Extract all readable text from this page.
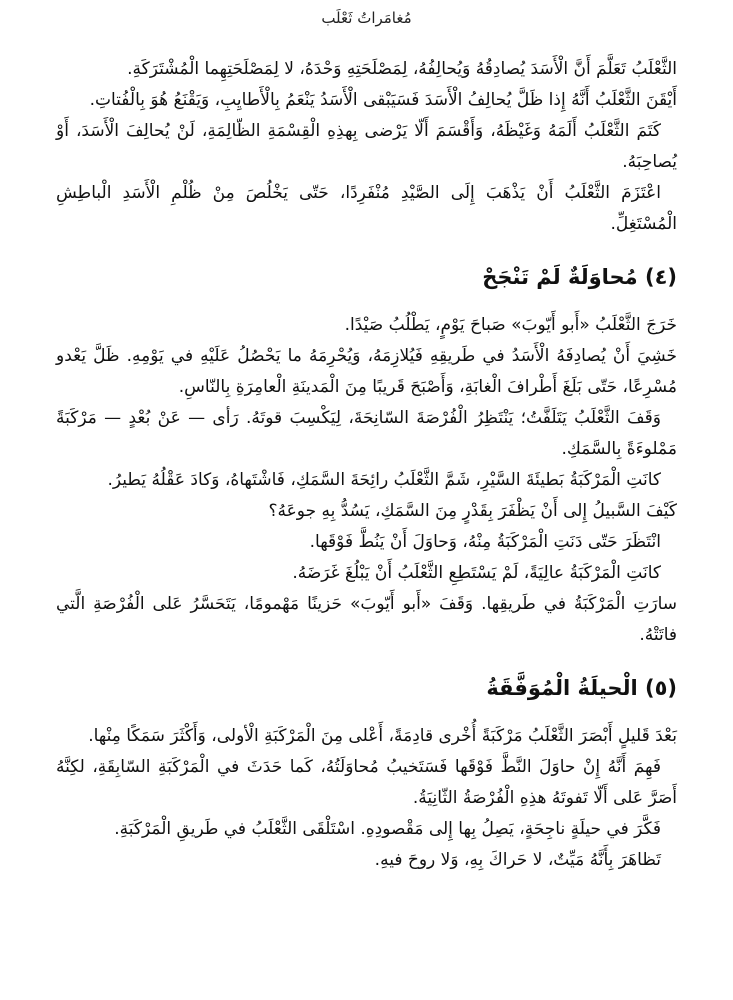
مُغامَراتُ ثَعْلَب

الثَّعْلَبُ تَعَلَّمَ أَنَّ الْأَسَدَ يُصادِقُهُ وَيُحالِفُهُ، لِمَصْلَحَتِهِ وَحْدَهُ، لا لِمَصْلَحَتِهِما الْمُشْتَرَكَةِ.

أَيْقَنَ الثَّعْلَبُ أَنَّهُ إِذا ظَلَّ يُحالِفُ الْأَسَدَ فَسَيَبْقى الْأَسَدُ يَنْعَمُ بِالْأَطايِبِ، وَيَقْنَعُ هُوَ بِالْفُتاتِ.

كَتَمَ الثَّعْلَبُ أَلَمَهُ وَغَيْظَهُ، وَأَقْسَمَ أَلّا يَرْضى بِهذِهِ الْقِسْمَةِ الظّالِمَةِ، لَنْ يُحالِفَ الْأَسَدَ، أَوْ يُصاحِبَهُ.

اعْتَزَمَ الثَّعْلَبُ أَنْ يَذْهَبَ إِلَى الصَّيْدِ مُنْفَرِدًا، حَتّى يَخْلُصَ مِنْ ظُلْمِ الْأَسَدِ الْباطِشِ الْمُسْتَغِلِّ.

(٤) مُحاوَلَةٌ لَمْ تَنْجَحْ

خَرَجَ الثَّعْلَبُ «أَبو أَيّوبَ» صَباحَ يَوْمٍ، يَطْلُبُ صَيْدًا.

خَشِيَ أَنْ يُصادِفَهُ الْأَسَدُ في طَريقِهِ فَيُلازِمَهُ، وَيُحْرِمَهُ ما يَحْصُلُ عَلَيْهِ في يَوْمِهِ. ظَلَّ يَعْدو مُسْرِعًا، حَتّى بَلَغَ أَطْرافَ الْغابَةِ، وَأَصْبَحَ قَريبًا مِنَ الْمَدينَةِ الْعامِرَةِ بِالنّاسِ.

وَقَفَ الثَّعْلَبُ يَتَلَفَّتُ؛ يَنْتَظِرُ الْفُرْصَةَ السّانِحَةَ، لِيَكْسِبَ قوتَهُ. رَأى — عَنْ بُعْدٍ — مَرْكَبَةً مَمْلوءَةً بِالسَّمَكِ.

كانَتِ الْمَرْكَبَةُ بَطيئَةَ السَّيْرِ، شَمَّ الثَّعْلَبُ رائِحَةَ السَّمَكِ، فَاشْتَهاهُ، وَكادَ عَقْلُهُ يَطيرُ.

كَيْفَ السَّبيلُ إِلى أَنْ يَظْفَرَ بِقَدْرٍ مِنَ السَّمَكِ، يَسُدُّ بِهِ جوعَهُ؟

انْتَظَرَ حَتّى دَنَتِ الْمَرْكَبَةُ مِنْهُ، وَحاوَلَ أَنْ يَنُطَّ فَوْقَها.

كانَتِ الْمَرْكَبَةُ عالِيَةً، لَمْ يَسْتَطِعِ الثَّعْلَبُ أَنْ يَبْلُغَ غَرَضَهُ.

سارَتِ الْمَرْكَبَةُ في طَريقِها. وَقَفَ «أَبو أَيّوبَ» حَزينًا مَهْمومًا، يَتَحَسَّرُ عَلى الْفُرْصَةِ الَّتي فاتَتْهُ.

(٥) الْحيلَةُ الْمُوَفَّقَةُ

بَعْدَ قَليلٍ أَبْصَرَ الثَّعْلَبُ مَرْكَبَةً أُخْرى قادِمَةً، أَعْلى مِنَ الْمَرْكَبَةِ الْأولى، وَأَكْثَرَ سَمَكًا مِنْها.

فَهِمَ أَنَّهُ إِنْ حاوَلَ النَّطَّ فَوْقَها فَسَتَخيبُ مُحاوَلَتُهُ، كَما حَدَثَ في الْمَرْكَبَةِ السّابِقَةِ، لكِنَّهُ أَصَرَّ عَلى أَلّا تَفوتَهُ هذِهِ الْفُرْصَةُ الثّانِيَةُ.

فَكَّرَ في حيلَةٍ ناجِحَةٍ، يَصِلُ بِها إِلى مَقْصودِهِ. اسْتَلْقَى الثَّعْلَبُ في طَريقِ الْمَرْكَبَةِ.

تَظاهَرَ بِأَنَّهُ مَيِّتٌ، لا حَراكَ بِهِ، وَلا روحَ فيهِ.
